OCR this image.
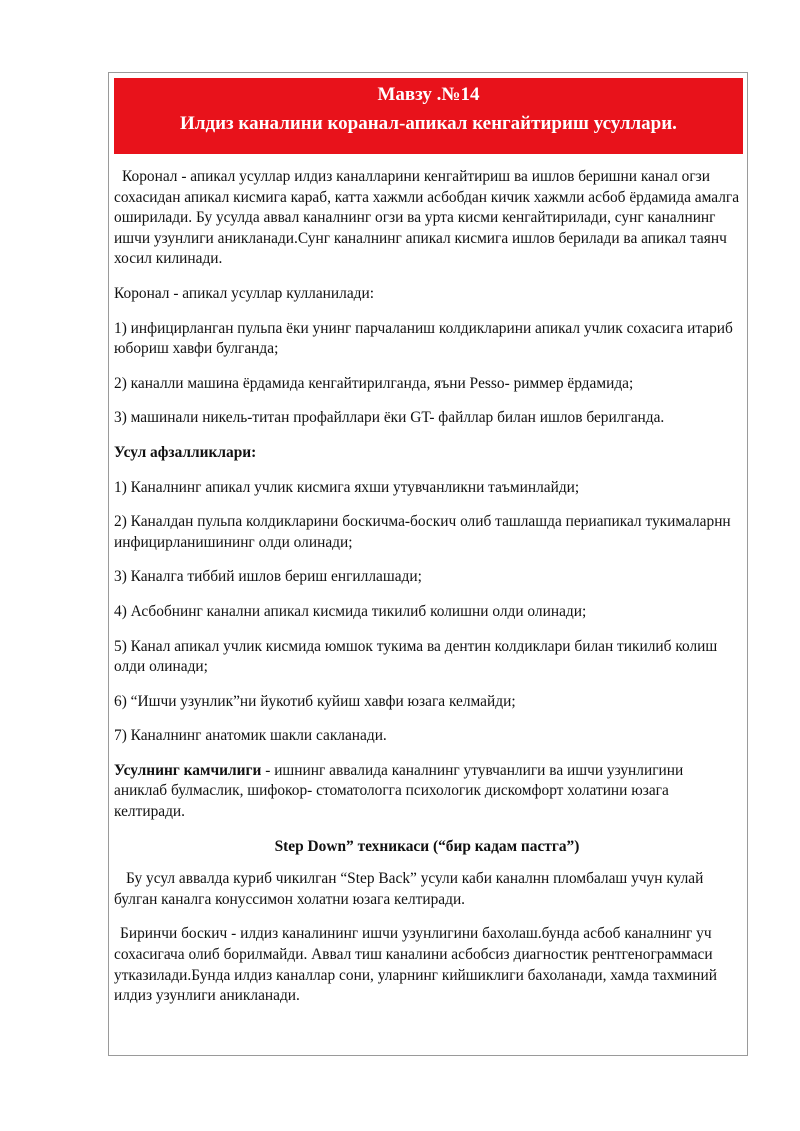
Мавзу .№14
Илдиз каналини коранал-апикал кенгайтириш усуллари.

Коронал - апикал усуллар илдиз каналларини кенгайтириш ва ишлов беришни канал огзи сохасидан апикал кисмига караб, катта хажмли асбобдан кичик хажмли асбоб ёрдамида амалга оширилади. Бу усулда аввал каналнинг огзи ва урта кисми кенгайтирилади, сунг каналнинг ишчи узунлиги аникланади.Сунг каналнинг апикал кисмига ишлов берилади ва апикал таянч хосил килинади.

Коронал - апикал усуллар кулланилади:

1) инфицирланган пульпа ёки унинг парчаланиш колдикларини апикал учлик сохасига итариб юбориш хавфи булганда;

2) каналли машина ёрдамида кенгайтирилганда, яъни Pesso- риммер ёрдамида;

3) машинали никель-титан профайллари ёки GT- файллар билан ишлов берилганда.

Усул афзалликлари:

1) Каналнинг апикал учлик кисмига яхши утувчанликни таъминлайди;

2) Каналдан пульпа колдикларини боскичма-боскич олиб ташлашда периапикал тукималарнн инфицирланишининг олди олинади;

3) Каналга тиббий ишлов бериш енгиллашади;

4) Асбобнинг канални апикал кисмида тикилиб колишни олди олинади;

5) Канал апикал учлик кисмида юмшок тукима ва дентин колдиклари билан тикилиб колиш олди олинади;

6) “Ишчи узунлик”ни йукотиб куйиш хавфи юзага келмайди;

7) Каналнинг анатомик шакли сакланади.

Усулнинг камчилиги - ишнинг аввалида каналнинг утувчанлиги ва ишчи узунлигини аниклаб булмаслик, шифокор- стоматологга психологик дискомфорт холатини юзага келтиради.

Step Down” техникаси (“бир кадам пастга”)

Бу усул аввалда куриб чикилган “Step Back” усули каби каналнн пломбалаш учун кулай булган каналга конуссимон холатни юзага келтиради.

Биринчи боскич - илдиз каналининг ишчи узунлигини бахолаш.бунда асбоб каналнинг уч сохасигача олиб борилмайди. Аввал тиш каналини асбобсиз диагностик рентгенограммаси утказилади.Бунда илдиз каналлар сони, уларнинг кийшиклиги бахоланади, хамда тахминий илдиз узунлиги аникланади.
